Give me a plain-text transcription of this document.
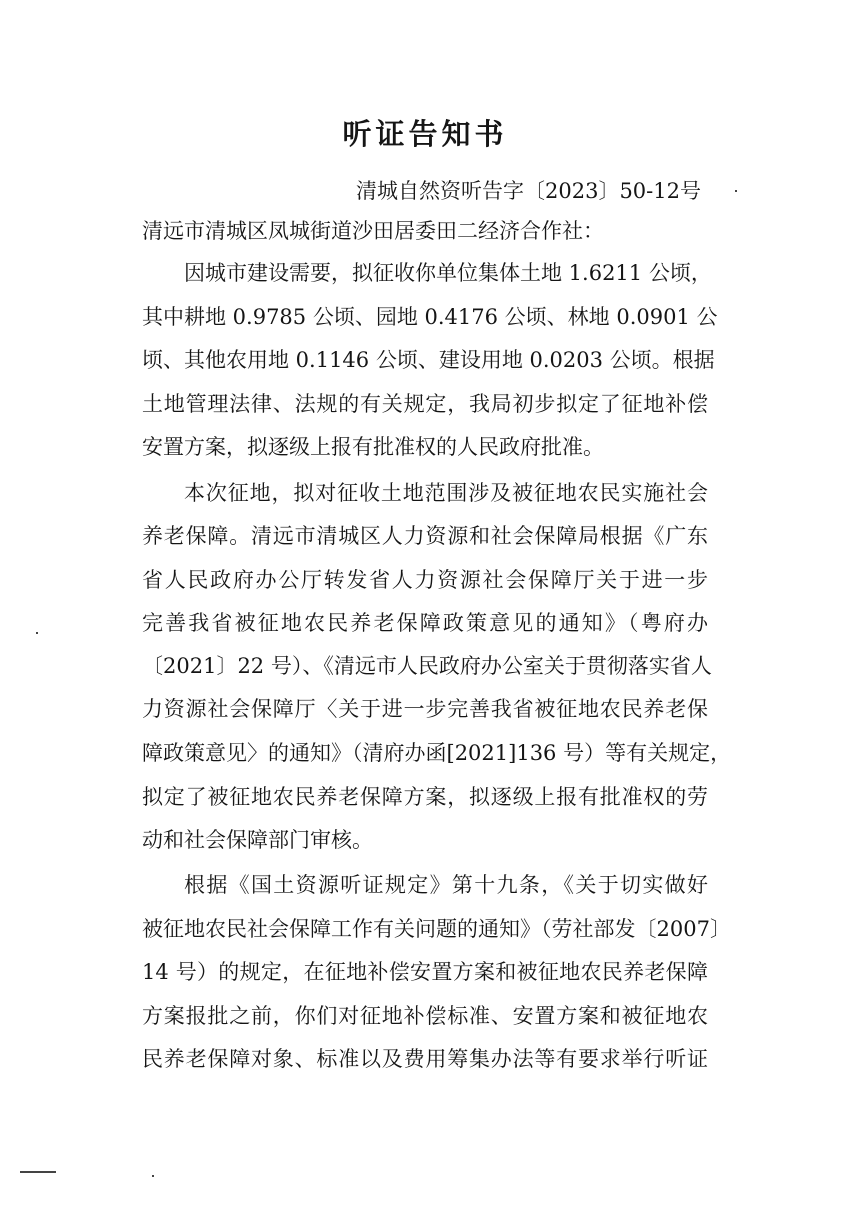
听证告知书
清城自然资听告字〔2023〕50-12号
清远市清城区凤城街道沙田居委田二经济合作社：
因城市建设需要，拟征收你单位集体土地 1.6211 公顷，
其中耕地 0.9785 公顷、园地 0.4176 公顷、林地 0.0901 公
顷、其他农用地 0.1146 公顷、建设用地 0.0203 公顷。根据
土地管理法律、法规的有关规定，我局初步拟定了征地补偿
安置方案，拟逐级上报有批准权的人民政府批准。
本次征地，拟对征收土地范围涉及被征地农民实施社会
养老保障。清远市清城区人力资源和社会保障局根据《广东
省人民政府办公厅转发省人力资源社会保障厅关于进一步
完善我省被征地农民养老保障政策意见的通知》（粤府办
〔2021〕22 号）、《清远市人民政府办公室关于贯彻落实省人
力资源社会保障厅〈关于进一步完善我省被征地农民养老保
障政策意见〉的通知》（清府办函[2021]136 号）等有关规定，
拟定了被征地农民养老保障方案，拟逐级上报有批准权的劳
动和社会保障部门审核。
根据《国土资源听证规定》第十九条，《关于切实做好
被征地农民社会保障工作有关问题的通知》（劳社部发〔2007〕
14 号）的规定，在征地补偿安置方案和被征地农民养老保障
方案报批之前，你们对征地补偿标准、安置方案和被征地农
民养老保障对象、标准以及费用筹集办法等有要求举行听证
